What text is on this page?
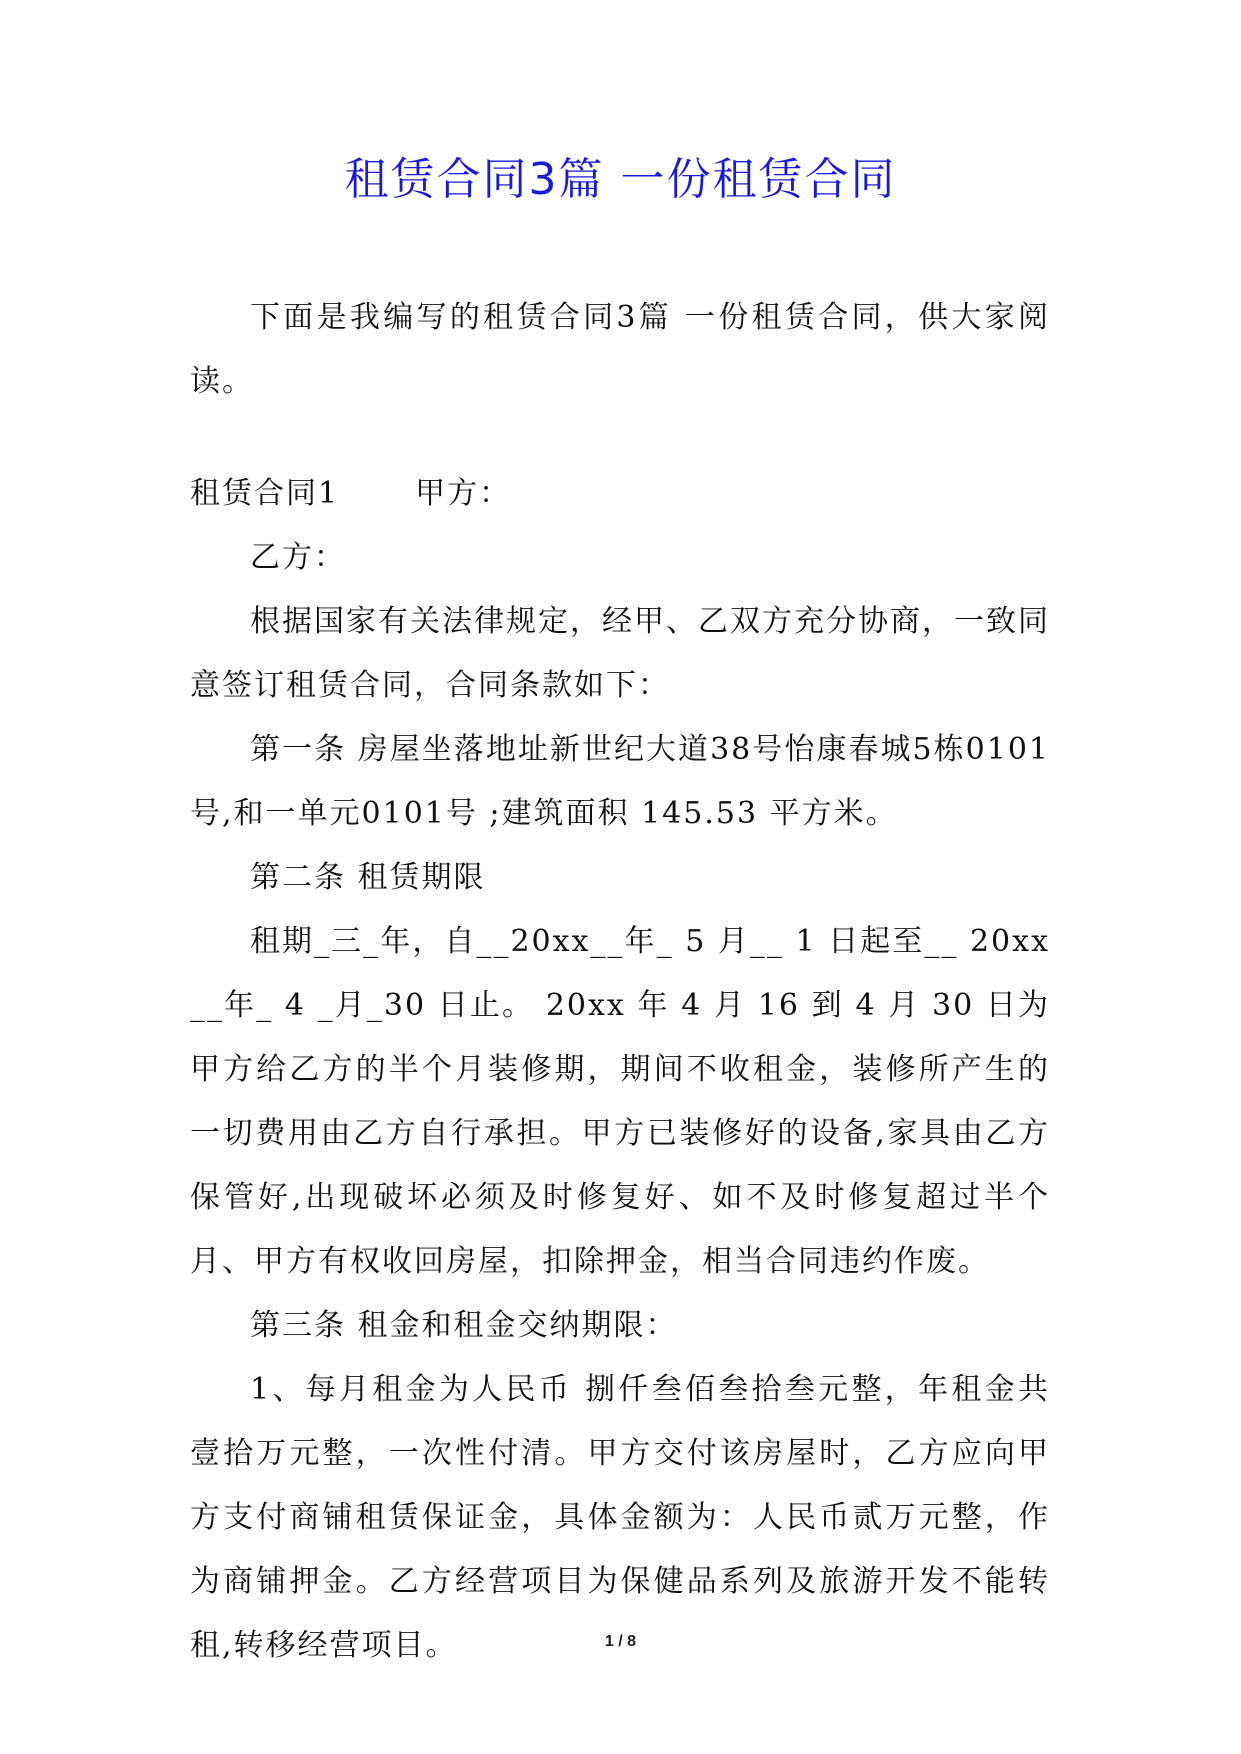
租赁合同3篇 一份租赁合同

下面是我编写的租赁合同3篇 一份租赁合同，供大家阅读。

租赁合同1	甲方：

乙方：

根据国家有关法律规定，经甲、乙双方充分协商，一致同意签订租赁合同，合同条款如下：

第一条 房屋坐落地址新世纪大道38号怡康春城5栋0101号,和一单元0101号 ;建筑面积 145.53 平方米。

第二条 租赁期限

租期_三_年，自__20xx__年_ 5 月__ 1 日起至__ 20xx __年_ 4 _月_30 日止。 20xx 年 4 月 16 到 4 月 30 日为甲方给乙方的半个月装修期，期间不收租金，装修所产生的一切费用由乙方自行承担。甲方已装修好的设备,家具由乙方保管好,出现破坏必须及时修复好、如不及时修复超过半个月、甲方有权收回房屋，扣除押金，相当合同违约作废。

第三条 租金和租金交纳期限：

1、每月租金为人民币 捌仟叁佰叁拾叁元整，年租金共壹拾万元整，一次性付清。甲方交付该房屋时，乙方应向甲方支付商铺租赁保证金，具体金额为：人民币贰万元整，作为商铺押金。乙方经营项目为保健品系列及旅游开发不能转租,转移经营项目。	1 / 8
